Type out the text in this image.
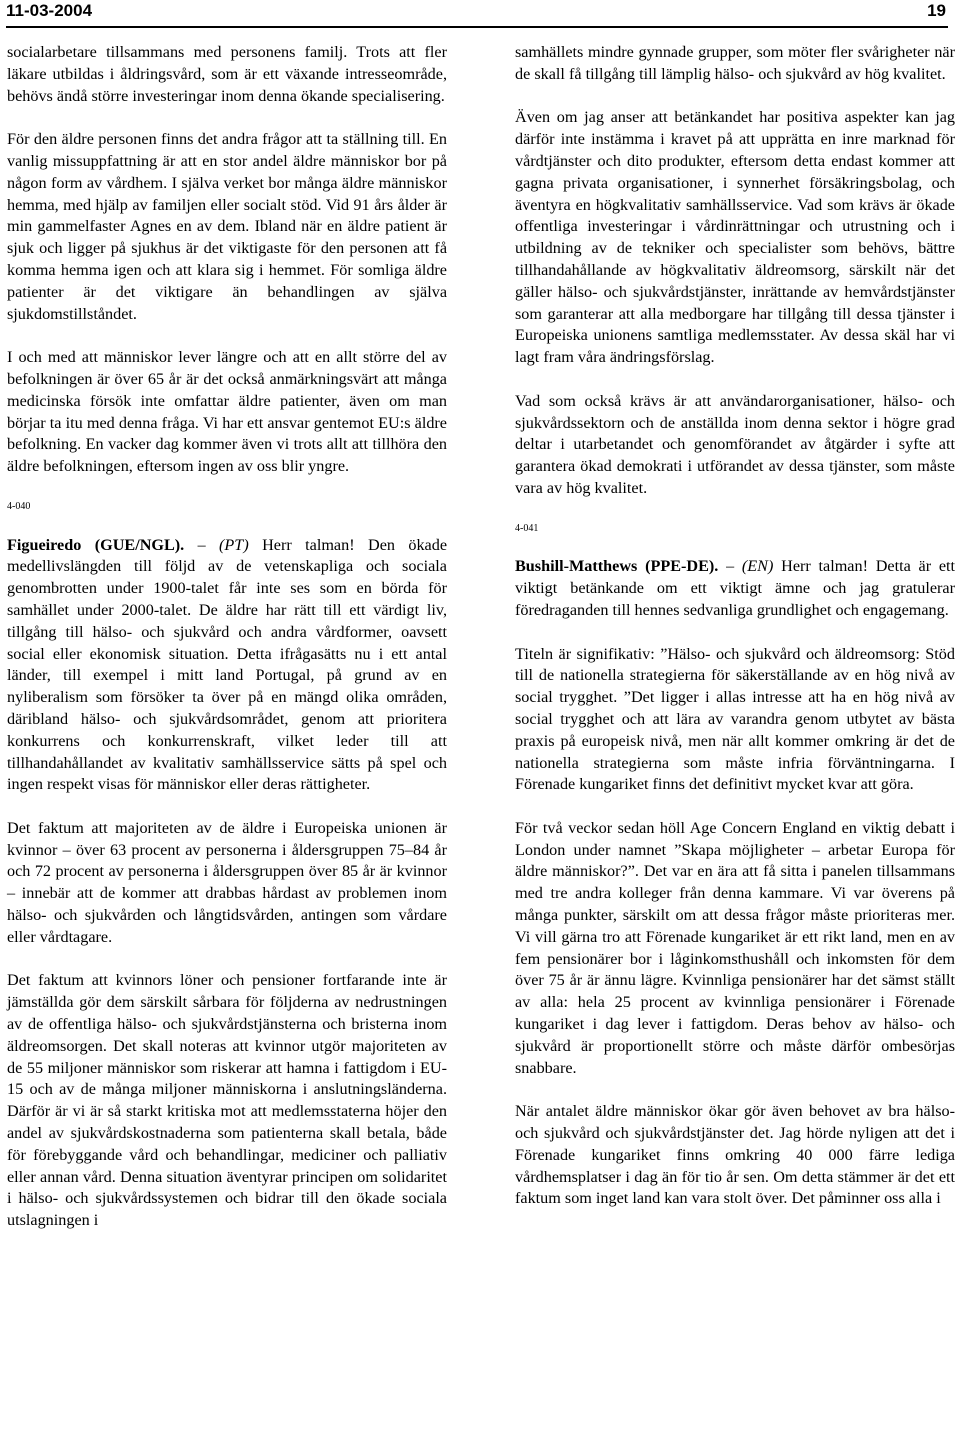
11-03-2004	19

socialarbetare tillsammans med personens familj. Trots att fler läkare utbildas i åldringsvård, som är ett växande intresseområde, behövs ändå större investeringar inom denna ökande specialisering.

För den äldre personen finns det andra frågor att ta ställning till. En vanlig missuppfattning är att en stor andel äldre människor bor på någon form av vårdhem. I själva verket bor många äldre människor hemma, med hjälp av familjen eller socialt stöd. Vid 91 års ålder är min gammelfaster Agnes en av dem. Ibland när en äldre patient är sjuk och ligger på sjukhus är det viktigaste för den personen att få komma hemma igen och att klara sig i hemmet. För somliga äldre patienter är det viktigare än behandlingen av själva sjukdomstillståndet.

I och med att människor lever längre och att en allt större del av befolkningen är över 65 år är det också anmärkningsvärt att många medicinska försök inte omfattar äldre patienter, även om man börjar ta itu med denna fråga. Vi har ett ansvar gentemot EU:s äldre befolkning. En vacker dag kommer även vi trots allt att tillhöra den äldre befolkningen, eftersom ingen av oss blir yngre.

4-040

Figueiredo (GUE/NGL). – (PT) Herr talman! Den ökade medellivslängden till följd av de vetenskapliga och sociala genombrotten under 1900-talet får inte ses som en börda för samhället under 2000-talet. De äldre har rätt till ett värdigt liv, tillgång till hälso- och sjukvård och andra vårdformer, oavsett social eller ekonomisk situation. Detta ifrågasätts nu i ett antal länder, till exempel i mitt land Portugal, på grund av en nyliberalism som försöker ta över på en mängd olika områden, däribland hälso- och sjukvårdsområdet, genom att prioritera konkurrens och konkurrenskraft, vilket leder till att tillhandahållandet av kvalitativ samhällsservice sätts på spel och ingen respekt visas för människor eller deras rättigheter.

Det faktum att majoriteten av de äldre i Europeiska unionen är kvinnor – över 63 procent av personerna i åldersgruppen 75–84 år och 72 procent av personerna i åldersgruppen över 85 år är kvinnor – innebär att de kommer att drabbas hårdast av problemen inom hälso- och sjukvården och långtidsvården, antingen som vårdare eller vårdtagare.

Det faktum att kvinnors löner och pensioner fortfarande inte är jämställda gör dem särskilt sårbara för följderna av nedrustningen av de offentliga hälso- och sjukvårdstjänsterna och bristerna inom äldreomsorgen. Det skall noteras att kvinnor utgör majoriteten av de 55 miljoner människor som riskerar att hamna i fattigdom i EU-15 och av de många miljoner människorna i anslutningsländerna. Därför är vi är så starkt kritiska mot att medlemsstaterna höjer den andel av sjukvårdskostnaderna som patienterna skall betala, både för förebyggande vård och behandlingar, mediciner och palliativ eller annan vård. Denna situation äventyrar principen om solidaritet i hälso- och sjukvårdssystemen och bidrar till den ökade sociala utslagningen i

samhällets mindre gynnade grupper, som möter fler svårigheter när de skall få tillgång till lämplig hälso- och sjukvård av hög kvalitet.

Även om jag anser att betänkandet har positiva aspekter kan jag därför inte instämma i kravet på att upprätta en inre marknad för vårdtjänster och dito produkter, eftersom detta endast kommer att gagna privata organisationer, i synnerhet försäkringsbolag, och äventyra en högkvalitativ samhällsservice. Vad som krävs är ökade offentliga investeringar i vårdinrättningar och utrustning och i utbildning av de tekniker och specialister som behövs, bättre tillhandahållande av högkvalitativ äldreomsorg, särskilt när det gäller hälso- och sjukvårdstjänster, inrättande av hemvårdstjänster som garanterar att alla medborgare har tillgång till dessa tjänster i Europeiska unionens samtliga medlemsstater. Av dessa skäl har vi lagt fram våra ändringsförslag.

Vad som också krävs är att användarorganisationer, hälso- och sjukvårdssektorn och de anställda inom denna sektor i högre grad deltar i utarbetandet och genomförandet av åtgärder i syfte att garantera ökad demokrati i utförandet av dessa tjänster, som måste vara av hög kvalitet.

4-041

Bushill-Matthews (PPE-DE). – (EN) Herr talman! Detta är ett viktigt betänkande om ett viktigt ämne och jag gratulerar föredraganden till hennes sedvanliga grundlighet och engagemang.

Titeln är signifikativ: ”Hälso- och sjukvård och äldreomsorg: Stöd till de nationella strategierna för säkerställande av en hög nivå av social trygghet. ”Det ligger i allas intresse att ha en hög nivå av social trygghet och att lära av varandra genom utbytet av bästa praxis på europeisk nivå, men när allt kommer omkring är det de nationella strategierna som måste infria förväntningarna. I Förenade kungariket finns det definitivt mycket kvar att göra.

För två veckor sedan höll Age Concern England en viktig debatt i London under namnet ”Skapa möjligheter – arbetar Europa för äldre människor?”. Det var en ära att få sitta i panelen tillsammans med tre andra kolleger från denna kammare. Vi var överens på många punkter, särskilt om att dessa frågor måste prioriteras mer. Vi vill gärna tro att Förenade kungariket är ett rikt land, men en av fem pensionärer bor i låginkomsthushåll och inkomsten för dem över 75 år är ännu lägre. Kvinnliga pensionärer har det sämst ställt av alla: hela 25 procent av kvinnliga pensionärer i Förenade kungariket i dag lever i fattigdom. Deras behov av hälso- och sjukvård är proportionellt större och måste därför ombesörjas snabbare.

När antalet äldre människor ökar gör även behovet av bra hälso- och sjukvård och sjukvårdstjänster det. Jag hörde nyligen att det i Förenade kungariket finns omkring 40 000 färre lediga vårdhemsplatser i dag än för tio år sen. Om detta stämmer är det ett faktum som inget land kan vara stolt över. Det påminner oss alla i
